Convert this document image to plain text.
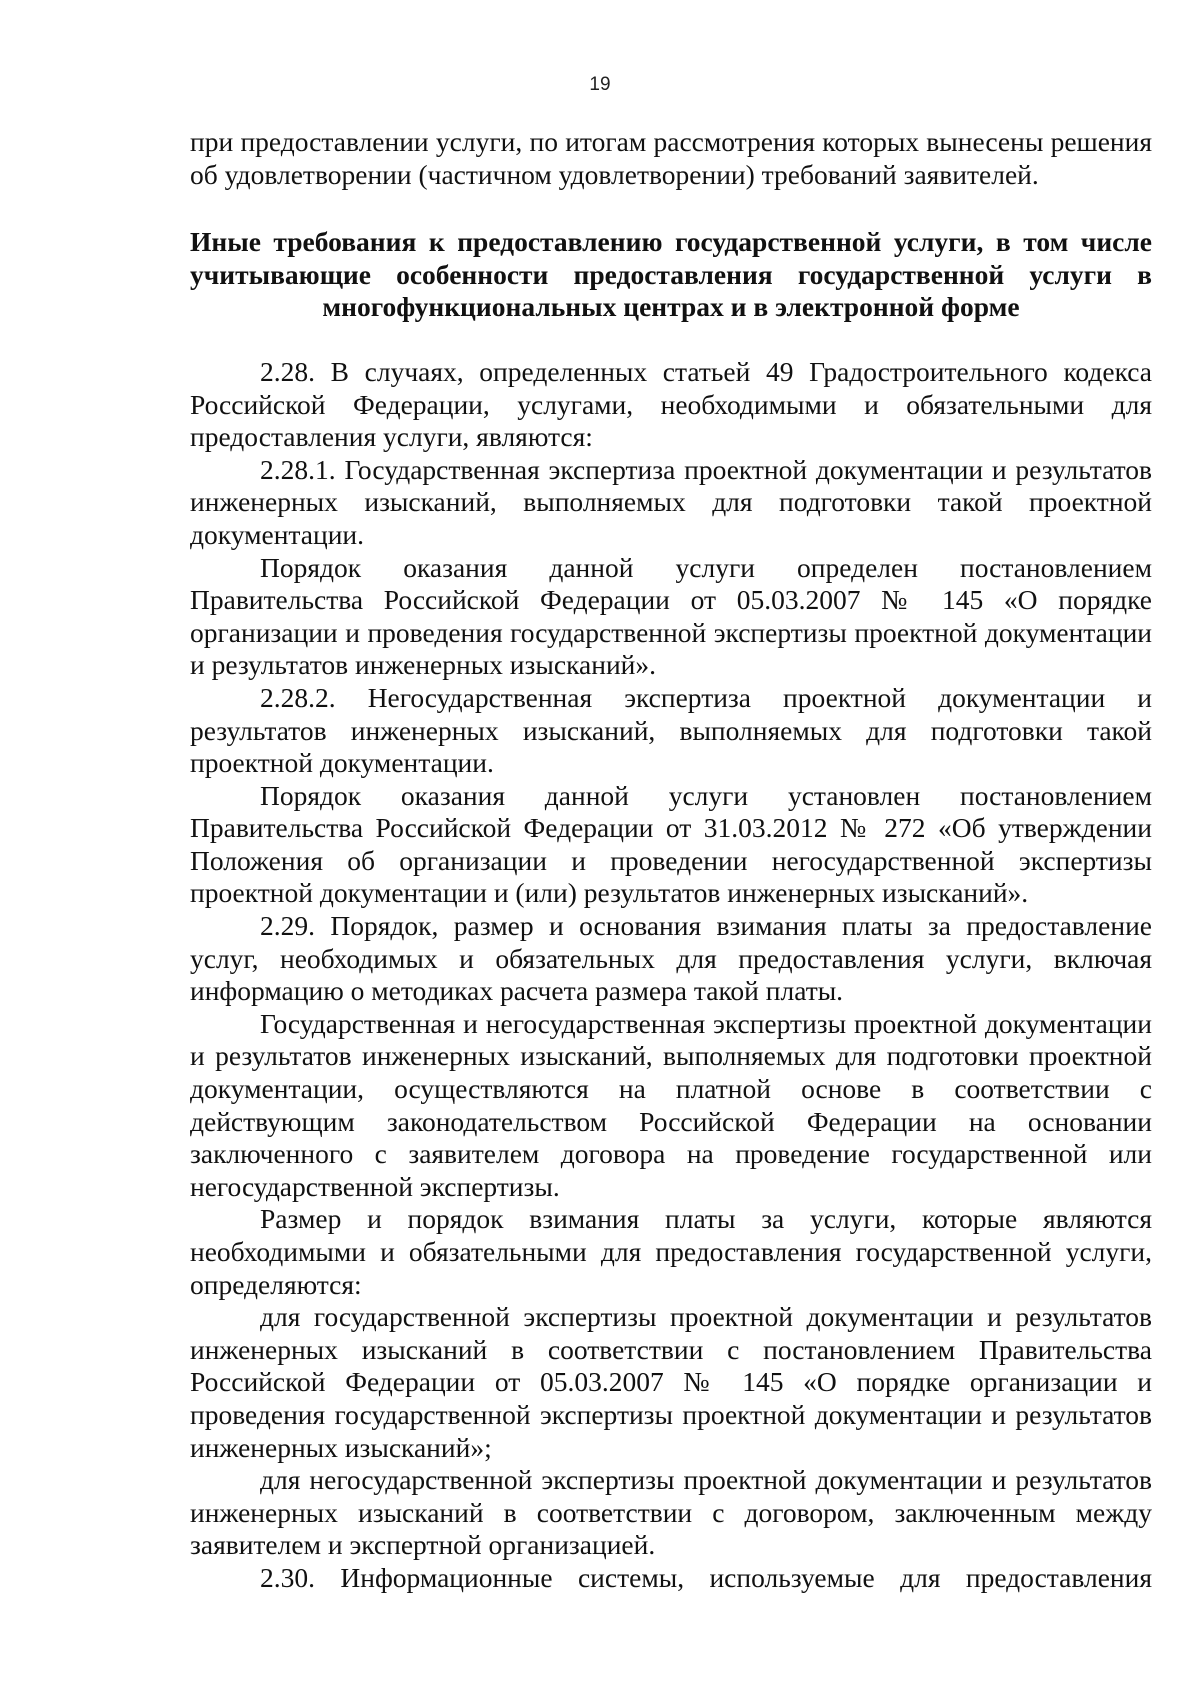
19

при предоставлении услуги, по итогам рассмотрения которых вынесены решения об удовлетворении (частичном удовлетворении) требований заявителей.

Иные требования к предоставлению государственной услуги, в том числе учитывающие особенности предоставления государственной услуги в многофункциональных центрах и в электронной форме

2.28. В случаях, определенных статьей 49 Градостроительного кодекса Российской Федерации, услугами, необходимыми и обязательными для предоставления услуги, являются:

2.28.1. Государственная экспертиза проектной документации и результатов инженерных изысканий, выполняемых для подготовки такой проектной документации.

Порядок оказания данной услуги определен постановлением Правительства Российской Федерации от 05.03.2007 № 145 «О порядке организации и проведения государственной экспертизы проектной документации и результатов инженерных изысканий».

2.28.2. Негосударственная экспертиза проектной документации и результатов инженерных изысканий, выполняемых для подготовки такой проектной документации.

Порядок оказания данной услуги установлен постановлением Правительства Российской Федерации от 31.03.2012 № 272 «Об утверждении Положения об организации и проведении негосударственной экспертизы проектной документации и (или) результатов инженерных изысканий».

2.29. Порядок, размер и основания взимания платы за предоставление услуг, необходимых и обязательных для предоставления услуги, включая информацию о методиках расчета размера такой платы.

Государственная и негосударственная экспертизы проектной документации и результатов инженерных изысканий, выполняемых для подготовки проектной документации, осуществляются на платной основе в соответствии с действующим законодательством Российской Федерации на основании заключенного с заявителем договора на проведение государственной или негосударственной экспертизы.

Размер и порядок взимания платы за услуги, которые являются необходимыми и обязательными для предоставления государственной услуги, определяются:

для государственной экспертизы проектной документации и результатов инженерных изысканий в соответствии с постановлением Правительства Российской Федерации от 05.03.2007 № 145 «О порядке организации и проведения государственной экспертизы проектной документации и результатов инженерных изысканий»;

для негосударственной экспертизы проектной документации и результатов инженерных изысканий в соответствии с договором, заключенным между заявителем и экспертной организацией.

2.30. Информационные системы, используемые для предоставления
